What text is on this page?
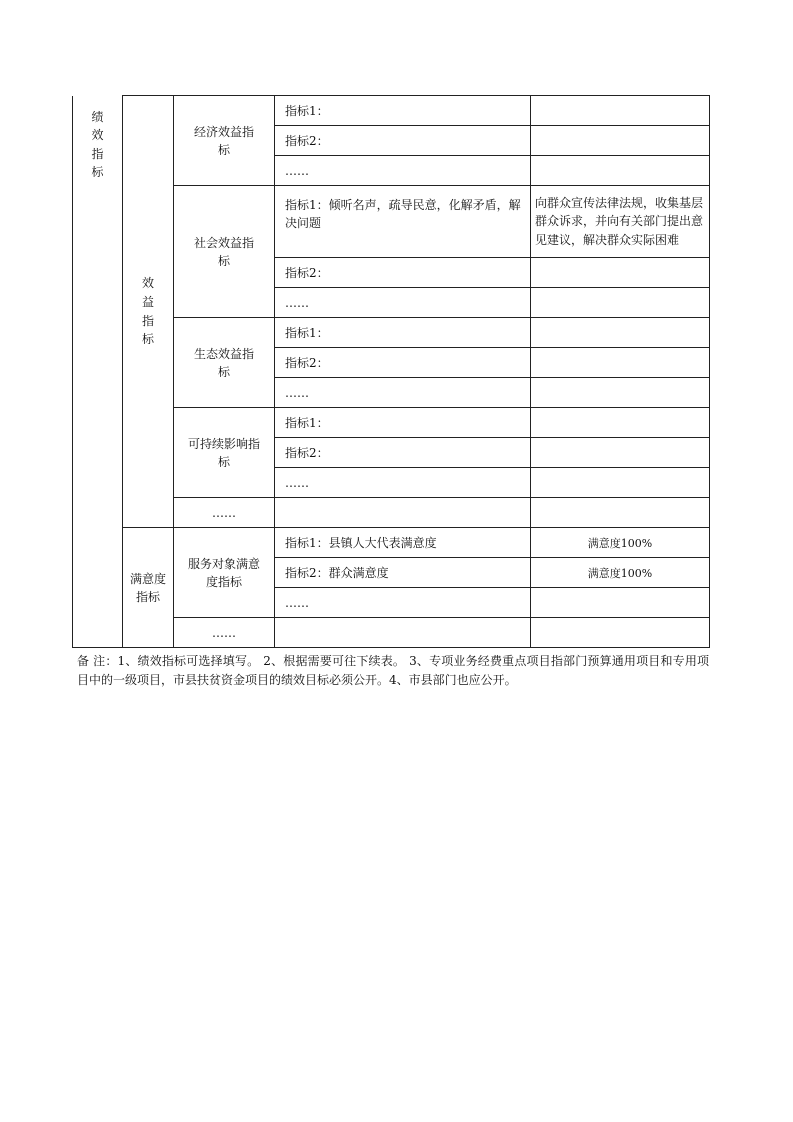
绩效指标	效益指标	经济效益指标	指标1：	
			指标2：	
			……	

		社会效益指标	指标1：倾听名声，疏导民意，化解矛盾，解决问题	向群众宣传法律法规，收集基层群众诉求，并向有关部门提出意见建议，解决群众实际困难
			指标2：	
			……	

		生态效益指标	指标1：	
			指标2：	
			……	

		可持续影响指标	指标1：	
			指标2：	
			……	
		……		

	满意度指标	服务对象满意度指标	指标1：县镇人大代表满意度	满意度100%
			指标2：群众满意度	满意度100%
			……	
		……		
备 注：1、绩效指标可选择填写。 2、根据需要可往下续表。 3、专项业务经费重点项目指部门预算通用项目和专用项目中的一级项目，市县扶贫资金项目的绩效目标必须公开。4、市县部门也应公开。
